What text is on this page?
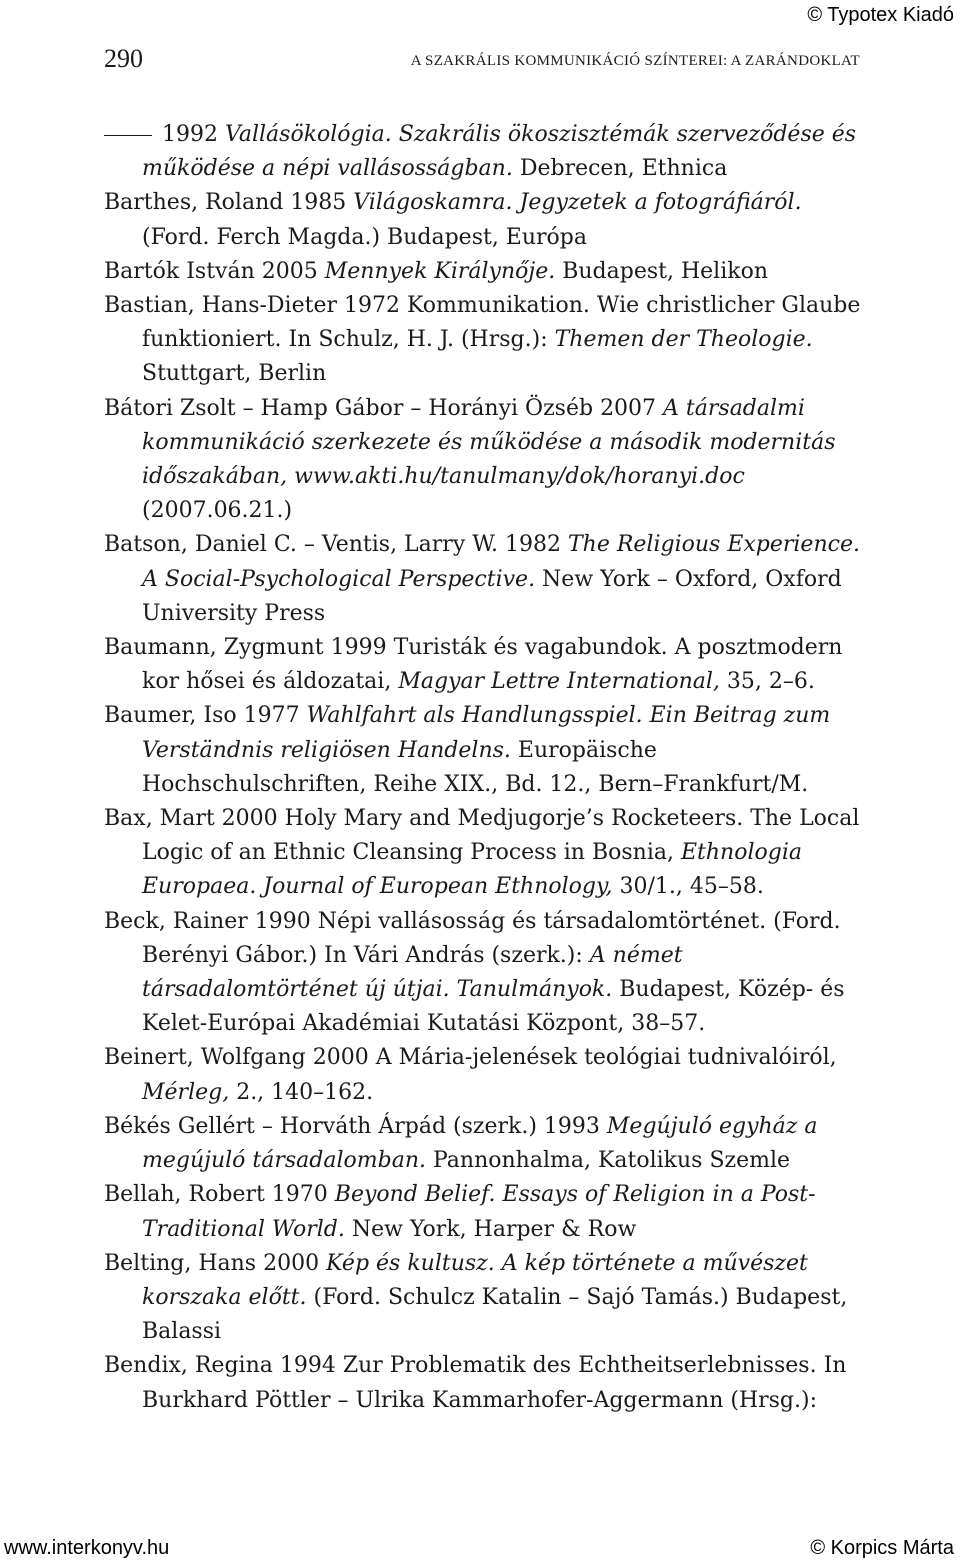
© Typotex Kiadó
290	A SZAKRÁLIS KOMMUNIKÁCIÓ SZÍNTEREI: A ZARÁNDOKLAT
1992 Vallásökológia. Szakrális ökoszisztémák szerveződése és működése a népi vallásosságban. Debrecen, Ethnica
Barthes, Roland 1985 Világoskamra. Jegyzetek a fotográfiáról. (Ford. Ferch Magda.) Budapest, Európa
Bartók István 2005 Mennyek Királynője. Budapest, Helikon
Bastian, Hans-Dieter 1972 Kommunikation. Wie christlicher Glaube funktioniert. In Schulz, H. J. (Hrsg.): Themen der Theologie. Stuttgart, Berlin
Bátori Zsolt – Hamp Gábor – Horányi Özséb 2007 A társadalmi kommunikáció szerkezete és működése a második modernitás időszakában, www.akti.hu/tanulmany/dok/horanyi.doc (2007.06.21.)
Batson, Daniel C. – Ventis, Larry W. 1982 The Religious Experience. A Social-Psychological Perspective. New York – Oxford, Oxford University Press
Baumann, Zygmunt 1999 Turisták és vagabundok. A posztmodern kor hősei és áldozatai, Magyar Lettre International, 35, 2–6.
Baumer, Iso 1977 Wahlfahrt als Handlungsspiel. Ein Beitrag zum Verständnis religiösen Handelns. Europäische Hochschulschriften, Reihe XIX., Bd. 12., Bern–Frankfurt/M.
Bax, Mart 2000 Holy Mary and Medjugorje’s Rocketeers. The Local Logic of an Ethnic Cleansing Process in Bosnia, Ethnologia Europaea. Journal of European Ethnology, 30/1., 45–58.
Beck, Rainer 1990 Népi vallásosság és társadalomtörténet. (Ford. Berényi Gábor.) In Vári András (szerk.): A német társadalomtörténet új útjai. Tanulmányok. Budapest, Közép- és Kelet-Európai Akadémiai Kutatási Központ, 38–57.
Beinert, Wolfgang 2000 A Mária-jelenések teológiai tudnivalóiról, Mérleg, 2., 140–162.
Békés Gellért – Horváth Árpád (szerk.) 1993 Megújuló egyház a megújuló társadalomban. Pannonhalma, Katolikus Szemle
Bellah, Robert 1970 Beyond Belief. Essays of Religion in a Post-Traditional World. New York, Harper & Row
Belting, Hans 2000 Kép és kultusz. A kép története a művészet korszaka előtt. (Ford. Schulcz Katalin – Sajó Tamás.) Budapest, Balassi
Bendix, Regina 1994 Zur Problematik des Echtheitserlebnisses. In Burkhard Pöttler – Ulrika Kammarhofer-Aggermann (Hrsg.):
www.interkonyv.hu	© Korpics Márta
